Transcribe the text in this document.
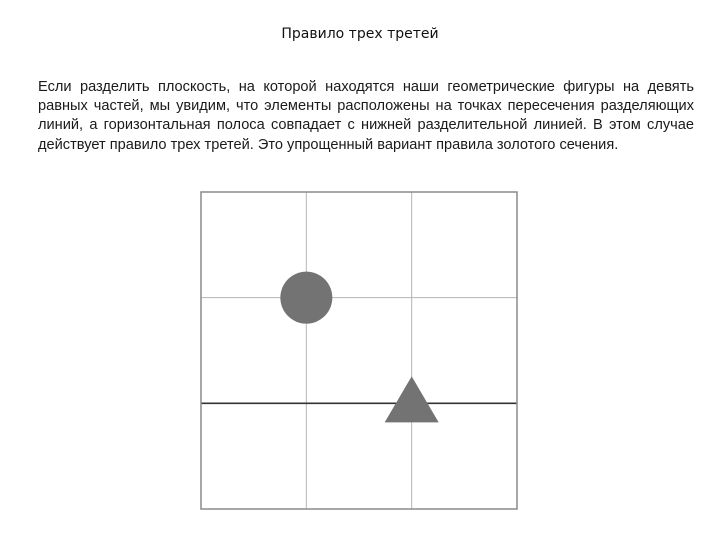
Правило трех третей
Если разделить плоскость, на которой находятся наши геометрические фигуры на девять равных частей, мы увидим, что элементы расположены на точках пересечения разделяющих линий, а горизонтальная полоса совпадает с нижней разделительной линией. В этом случае действует правило трех третей. Это упрощенный вариант правила золотого сечения.
